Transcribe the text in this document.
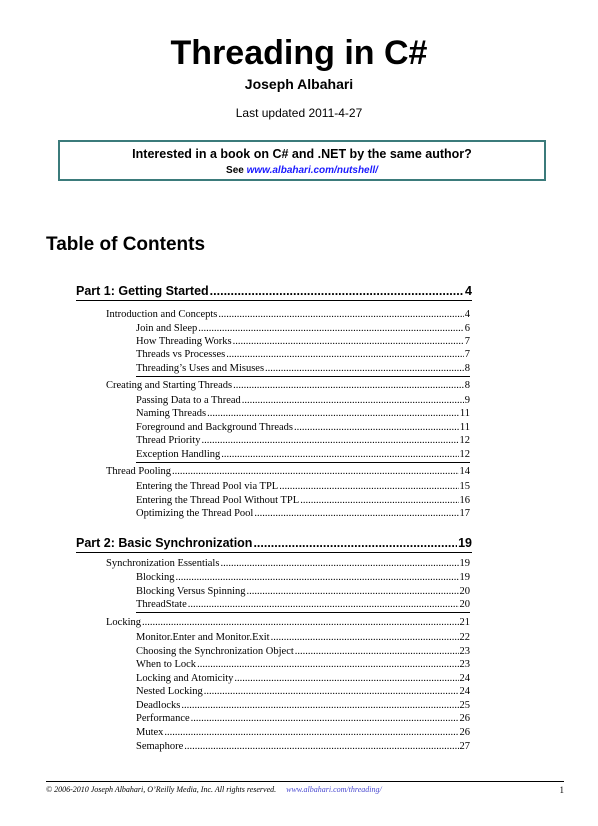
Threading in C#
Joseph Albahari
Last updated 2011-4-27
Interested in a book on C# and .NET by the same author?
See www.albahari.com/nutshell/
Table of Contents
Part 1: Getting Started .....	4
Introduction and Concepts .....	4
Join and Sleep .....	6
How Threading Works .....	7
Threads vs Processes .....	7
Threading’s Uses and Misuses .....	8
Creating and Starting Threads .....	8
Passing Data to a Thread .....	9
Naming Threads .....	11
Foreground and Background Threads .....	11
Thread Priority .....	12
Exception Handling .....	12
Thread Pooling .....	14
Entering the Thread Pool via TPL .....	15
Entering the Thread Pool Without TPL .....	16
Optimizing the Thread Pool .....	17
Part 2: Basic Synchronization .....	19
Synchronization Essentials .....	19
Blocking .....	19
Blocking Versus Spinning .....	20
ThreadState .....	20
Locking .....	21
Monitor.Enter and Monitor.Exit .....	22
Choosing the Synchronization Object .....	23
When to Lock .....	23
Locking and Atomicity .....	24
Nested Locking .....	24
Deadlocks .....	25
Performance .....	26
Mutex .....	26
Semaphore .....	27
© 2006-2010 Joseph Albahari, O’Reilly Media, Inc. All rights reserved. www.albahari.com/threading/	1
